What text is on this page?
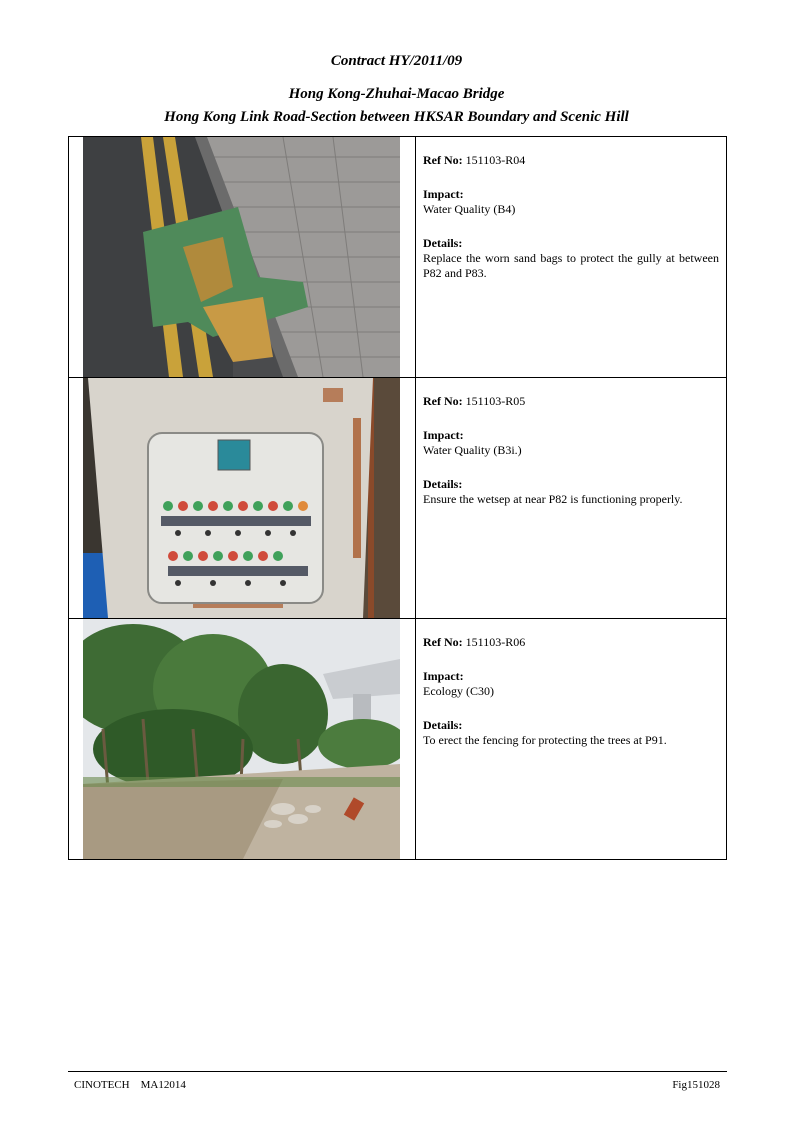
Contract HY/2011/09
Hong Kong-Zhuhai-Macao Bridge
Hong Kong Link Road-Section between HKSAR Boundary and Scenic Hill

Ref No: 151103-R04

Impact:

Water Quality (B4)

Details:

Replace the worn sand bags to protect the gully at between P82 and P83.

Ref No: 151103-R05

Impact:

Water Quality (B3i.)

Details:

Ensure the wetsep at near P82 is functioning properly.

Ref No: 151103-R06

Impact:

Ecology (C30)

Details:

To erect the fencing for protecting the trees at P91.

CINOTECH MA12014	Fig151028
